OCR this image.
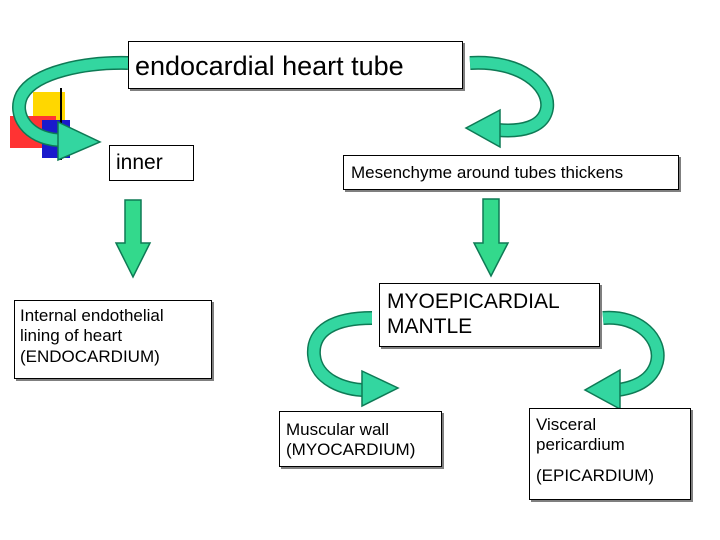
endocardial heart tube
inner	Mesenchyme around tubes thickens
Internal endothelial
lining of heart
(ENDOCARDIUM)
MYOEPICARDIAL
MANTLE
Muscular wall
(MYOCARDIUM)
Visceral
pericardium
(EPICARDIUM)
